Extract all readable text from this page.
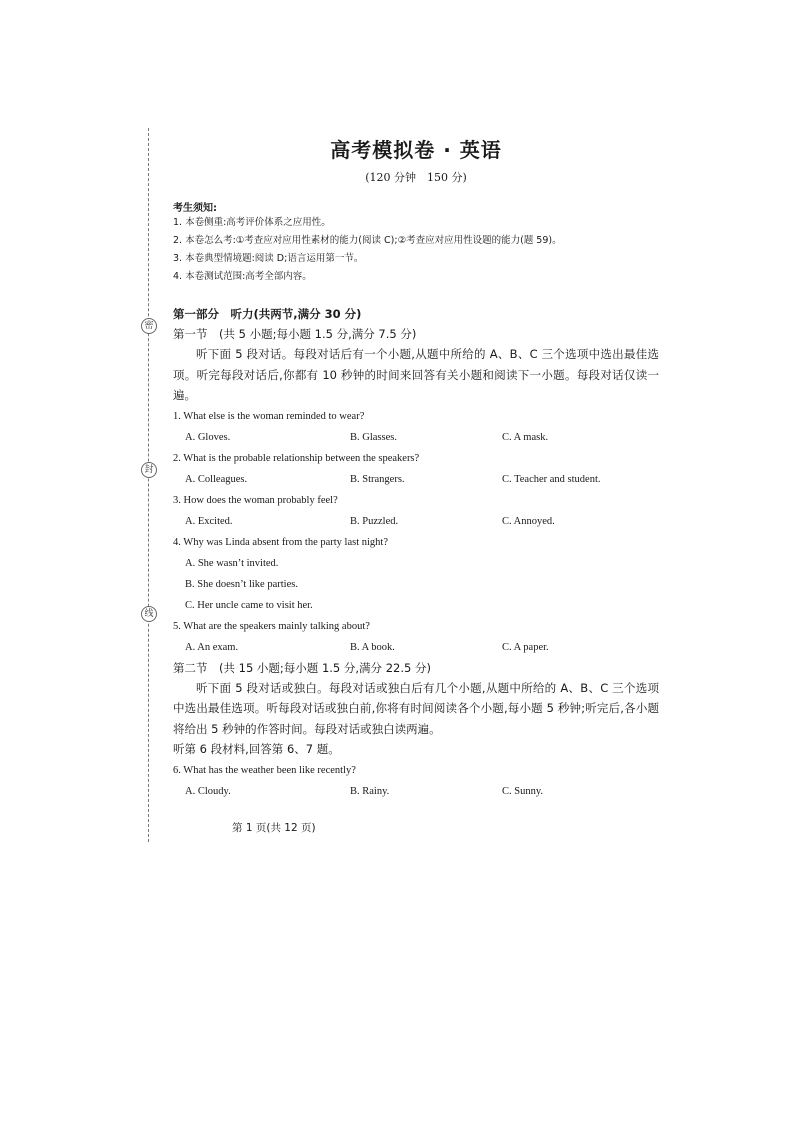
密
封
线
高考模拟卷 · 英语
(120 分钟　150 分)
考生须知:
1. 本卷侧重:高考评价体系之应用性。
2. 本卷怎么考:①考查应对应用性素材的能力(阅读 C);②考查应对应用性设题的能力(题 59)。
3. 本卷典型情境题:阅读 D;语言运用第一节。
4. 本卷测试范围:高考全部内容。
第一部分　听力(共两节,满分 30 分)
第一节　(共 5 小题;每小题 1.5 分,满分 7.5 分)
听下面 5 段对话。每段对话后有一个小题,从题中所给的 A、B、C 三个选项中选出最佳选项。听完每段对话后,你都有 10 秒钟的时间来回答有关小题和阅读下一小题。每段对话仅读一遍。
1. What else is the woman reminded to wear?
A. Gloves.	B. Glasses.	C. A mask.
2. What is the probable relationship between the speakers?
A. Colleagues.	B. Strangers.	C. Teacher and student.
3. How does the woman probably feel?
A. Excited.	B. Puzzled.	C. Annoyed.
4. Why was Linda absent from the party last night?
A. She wasn’t invited.
B. She doesn’t like parties.
C. Her uncle came to visit her.
5. What are the speakers mainly talking about?
A. An exam.	B. A book.	C. A paper.
第二节　(共 15 小题;每小题 1.5 分,满分 22.5 分)
听下面 5 段对话或独白。每段对话或独白后有几个小题,从题中所给的 A、B、C 三个选项中选出最佳选项。听每段对话或独白前,你将有时间阅读各个小题,每小题 5 秒钟;听完后,各小题将给出 5 秒钟的作答时间。每段对话或独白读两遍。
听第 6 段材料,回答第 6、7 题。
6. What has the weather been like recently?
A. Cloudy.	B. Rainy.	C. Sunny.
第 1 页(共 12 页)
